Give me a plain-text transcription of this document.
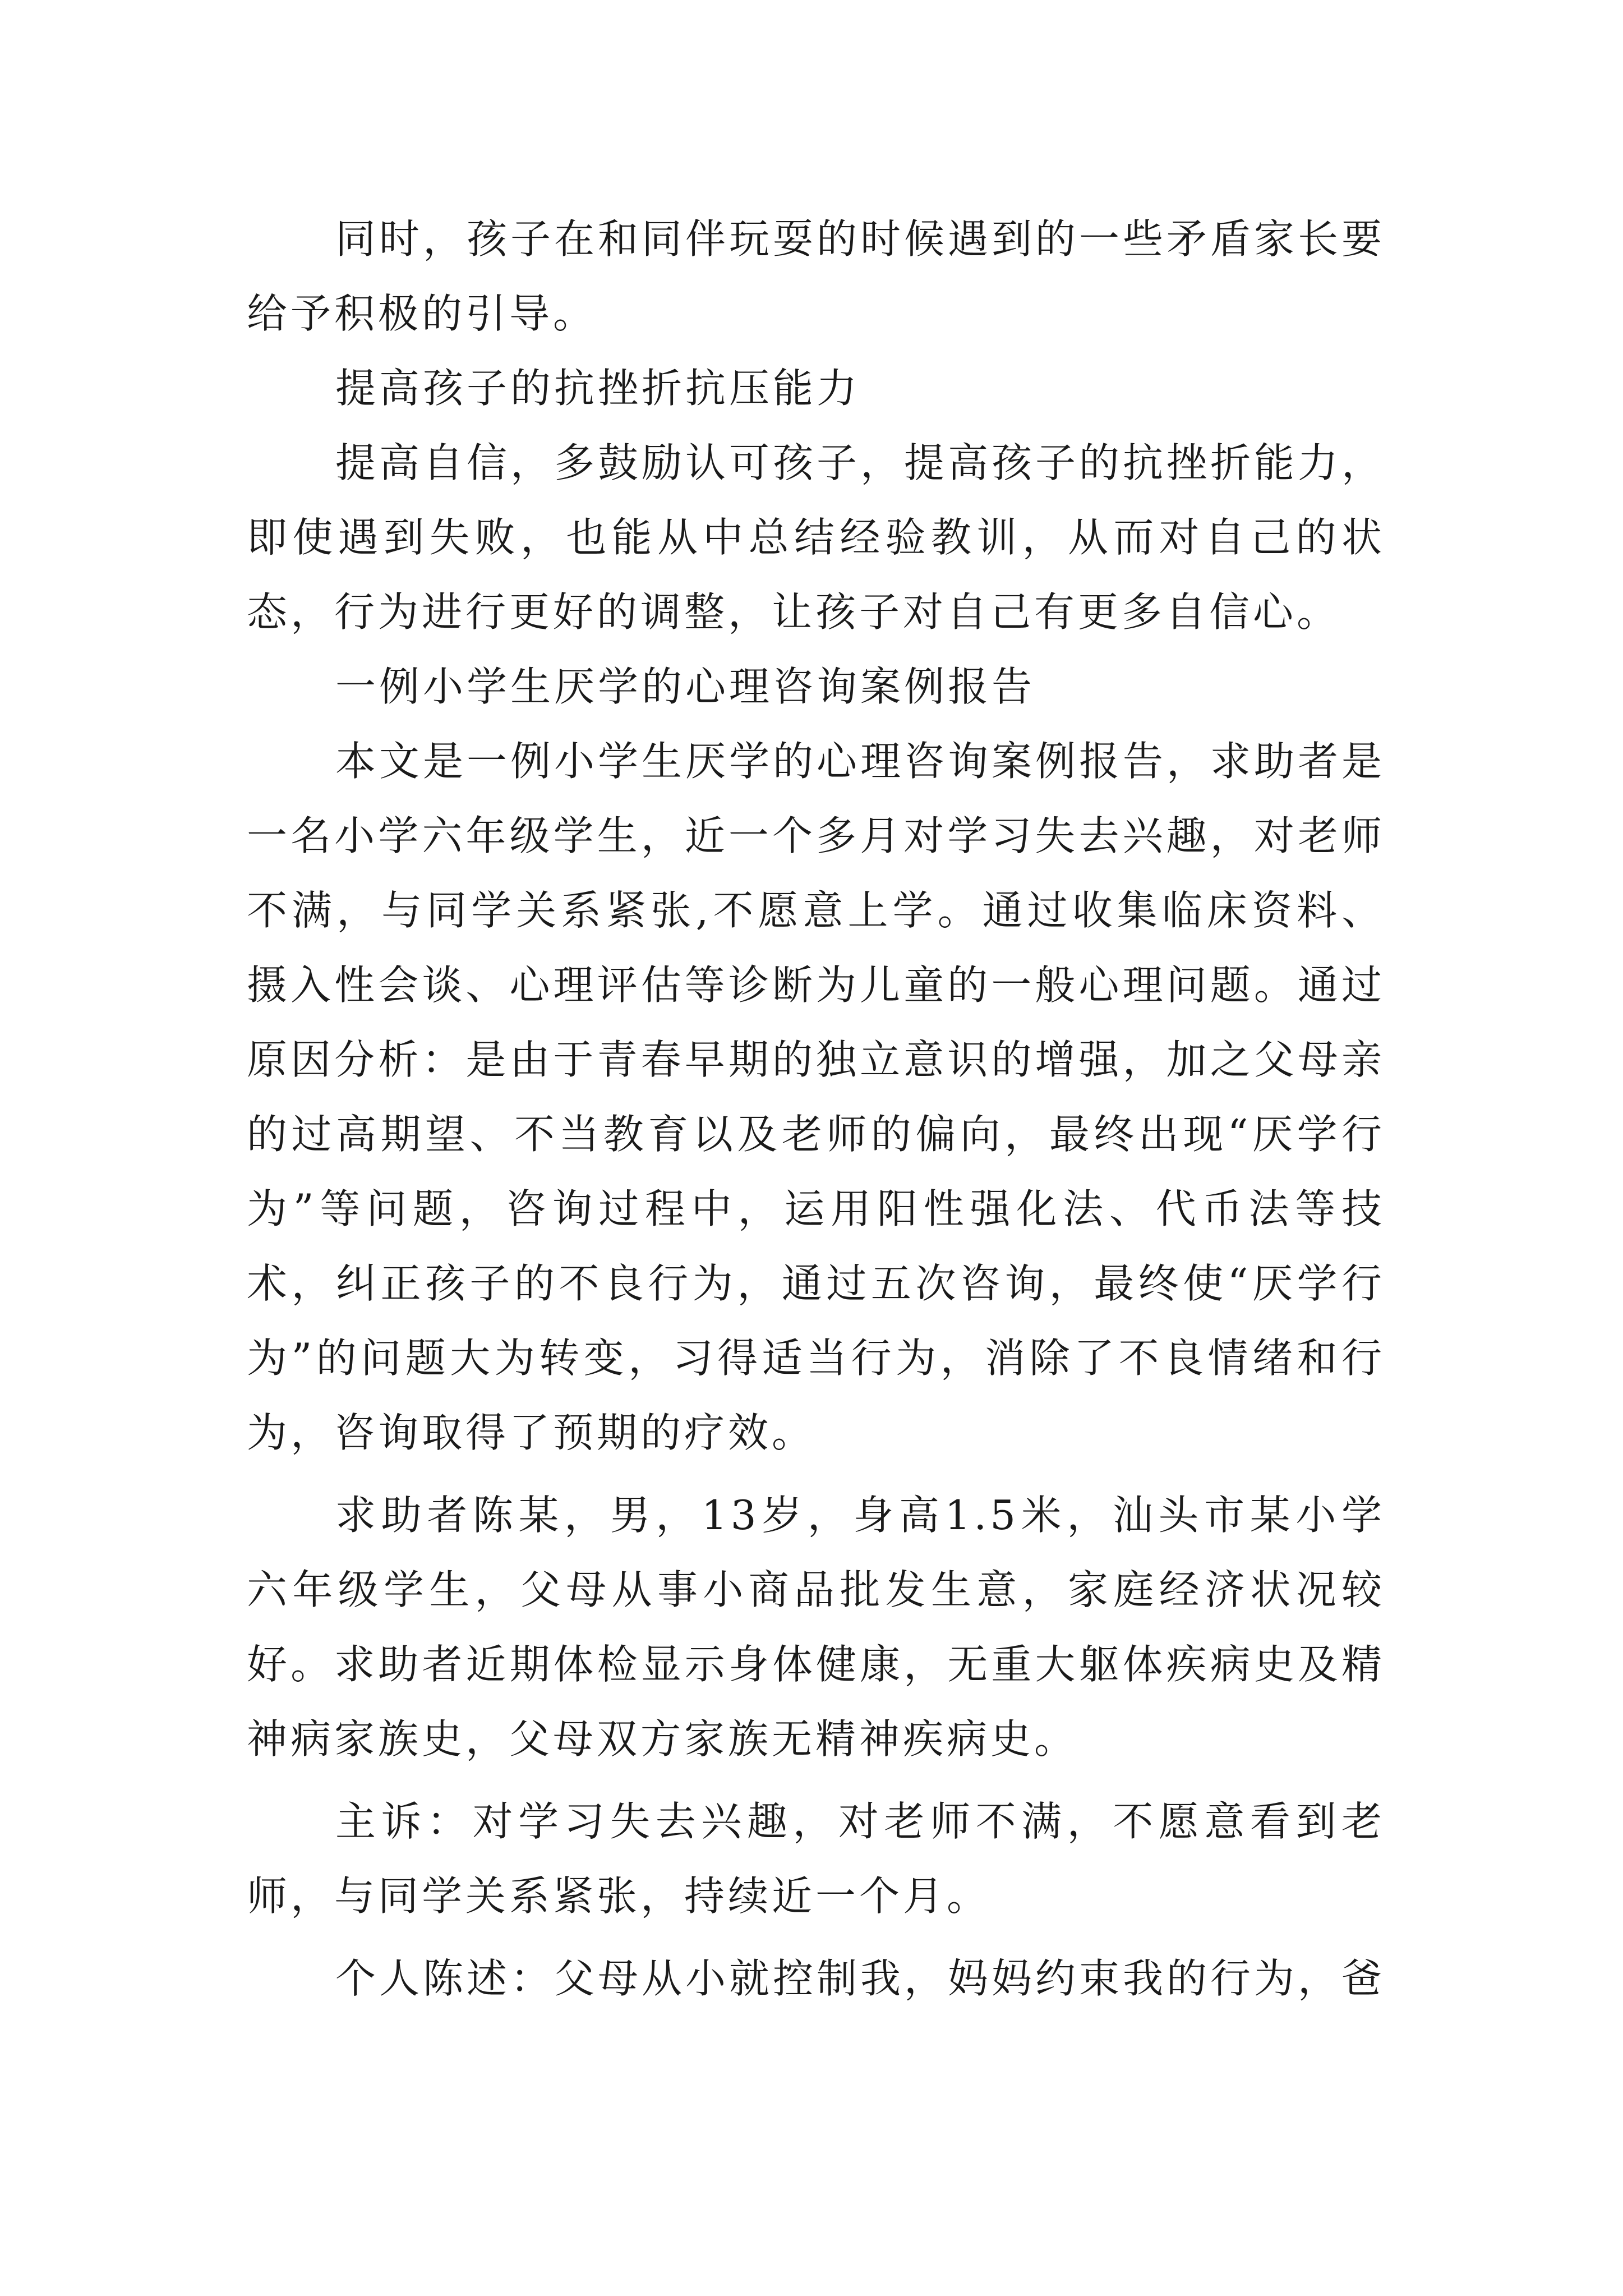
同时，孩子在和同伴玩耍的时候遇到的一些矛盾家长要给予积极的引导。

提高孩子的抗挫折抗压能力

提高自信，多鼓励认可孩子，提高孩子的抗挫折能力，即使遇到失败，也能从中总结经验教训，从而对自己的状态，行为进行更好的调整，让孩子对自己有更多自信心。

一例小学生厌学的心理咨询案例报告

本文是一例小学生厌学的心理咨询案例报告，求助者是一名小学六年级学生，近一个多月对学习失去兴趣，对老师不满，与同学关系紧张,不愿意上学。通过收集临床资料、摄入性会谈、心理评估等诊断为儿童的一般心理问题。通过原因分析：是由于青春早期的独立意识的增强，加之父母亲的过高期望、不当教育以及老师的偏向，最终出现“厌学行为”等问题，咨询过程中，运用阳性强化法、代币法等技术，纠正孩子的不良行为，通过五次咨询，最终使“厌学行为”的问题大为转变，习得适当行为，消除了不良情绪和行为，咨询取得了预期的疗效。

求助者陈某，男，13岁，身高1.5米，汕头市某小学六年级学生，父母从事小商品批发生意，家庭经济状况较好。求助者近期体检显示身体健康，无重大躯体疾病史及精神病家族史，父母双方家族无精神疾病史。

主诉：对学习失去兴趣，对老师不满，不愿意看到老师，与同学关系紧张，持续近一个月。

个人陈述：父母从小就控制我，妈妈约束我的行为，爸
